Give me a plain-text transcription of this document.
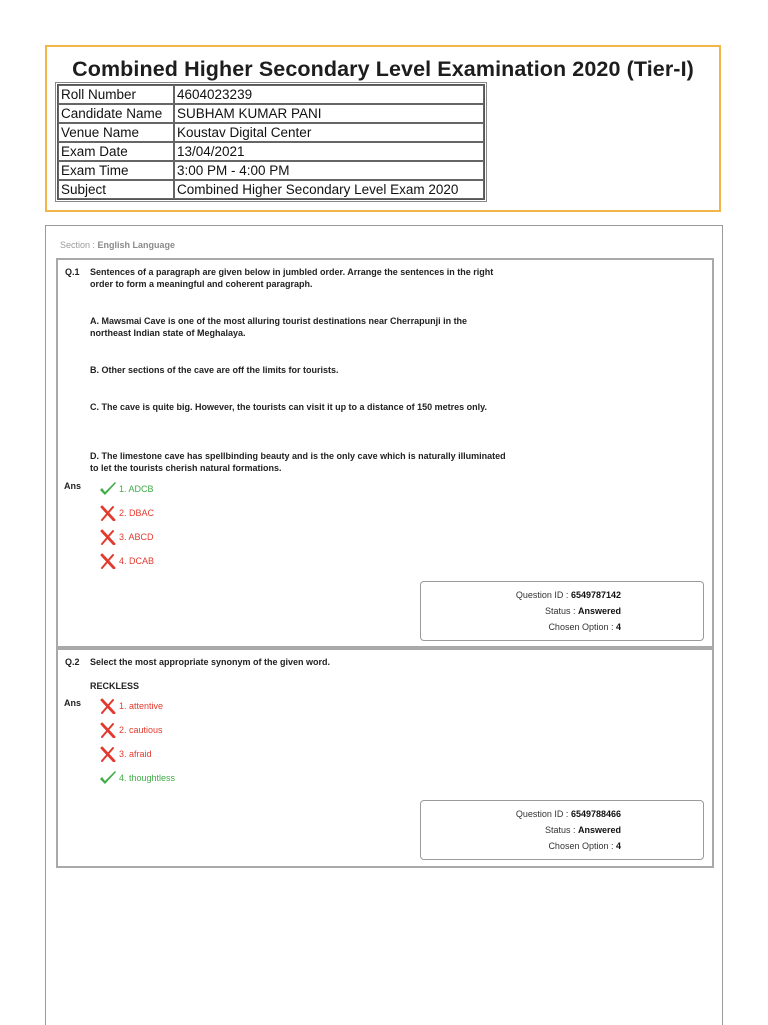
Combined Higher Secondary Level Examination 2020 (Tier-I)
Roll Number	4604023239
Candidate Name	SUBHAM KUMAR PANI
Venue Name	Koustav Digital Center
Exam Date	13/04/2021
Exam Time	3:00 PM - 4:00 PM
Subject	Combined Higher Secondary Level Exam 2020
Section : English Language
Q.1 Sentences of a paragraph are given below in jumbled order. Arrange the sentences in the right order to form a meaningful and coherent paragraph.
A. Mawsmai Cave is one of the most alluring tourist destinations near Cherrapunji in the northeast Indian state of Meghalaya.
B. Other sections of the cave are off the limits for tourists.
C. The cave is quite big. However, the tourists can visit it up to a distance of 150 metres only.
D. The limestone cave has spellbinding beauty and is the only cave which is naturally illuminated to let the tourists cherish natural formations.
Ans	1. ADCB
2. DBAC
3. ABCD
4. DCAB
Question ID : 6549787142
Status : Answered
Chosen Option : 4
Q.2 Select the most appropriate synonym of the given word.
RECKLESS
Ans	1. attentive
2. cautious
3. afraid
4. thoughtless
Question ID : 6549788466
Status : Answered
Chosen Option : 4
